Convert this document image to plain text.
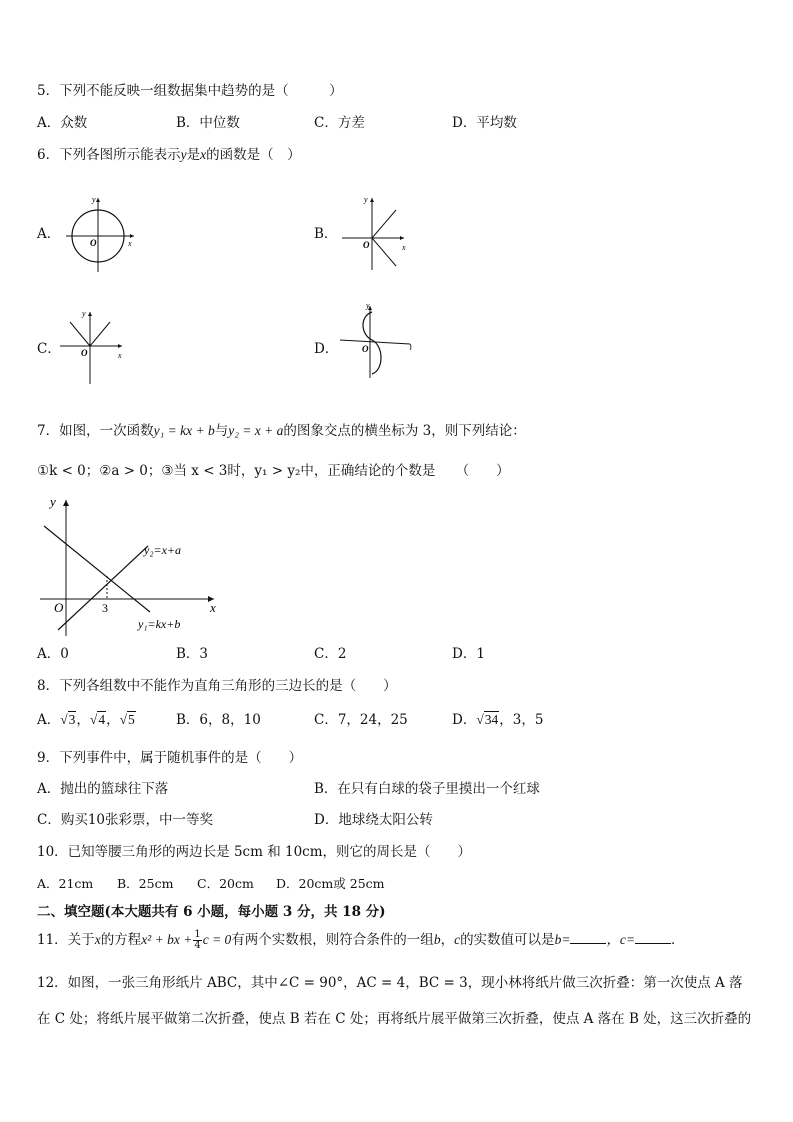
5．下列不能反映一组数据集中趋势的是（　　　）
A．众数	B．中位数	C．方差	D．平均数
6．下列各图所示能表示y是x的函数是（　）
A．	B．
C．	D．
y
x
O
y
x
O
y
x
O
y
O
7．如图，一次函数y₁ = kx + b与y₂ = x + a的图象交点的横坐标为 3，则下列结论：
①k < 0；②a > 0；③当 x < 3时，y₁ > y₂中，正确结论的个数是　　（　　）
y
x
O	3
y₂=x+a
y₁=kx+b
A．0	B．3	C．2	D．1
8．下列各组数中不能作为直角三角形的三边长的是（　　）
A．√3，√4，√5	B．6，8，10	C．7，24，25	D．√34，3，5
9．下列事件中，属于随机事件的是（　　）
A．抛出的篮球往下落	B．在只有白球的袋子里摸出一个红球
C．购买10张彩票，中一等奖	D．地球绕太阳公转
10．已知等腰三角形的两边长是 5cm 和 10cm，则它的周长是（　　）
A．21cm B．25cm C．20cm D．20cm或 25cm
二、填空题(本大题共有 6 小题，每小题 3 分，共 18 分)
11．关于x的方程x² + bx + $\frac{1}{4}$ c = 0有两个实数根，则符合条件的一组b，c的实数值可以是b=	，c=	．
12．如图，一张三角形纸片 ABC，其中∠C = 90°，AC = 4，BC = 3，现小林将纸片做三次折叠：第一次使点 A 落
在 C 处；将纸片展平做第二次折叠，使点 B 若在 C 处；再将纸片展平做第三次折叠，使点 A 落在 B 处，这三次折叠的
